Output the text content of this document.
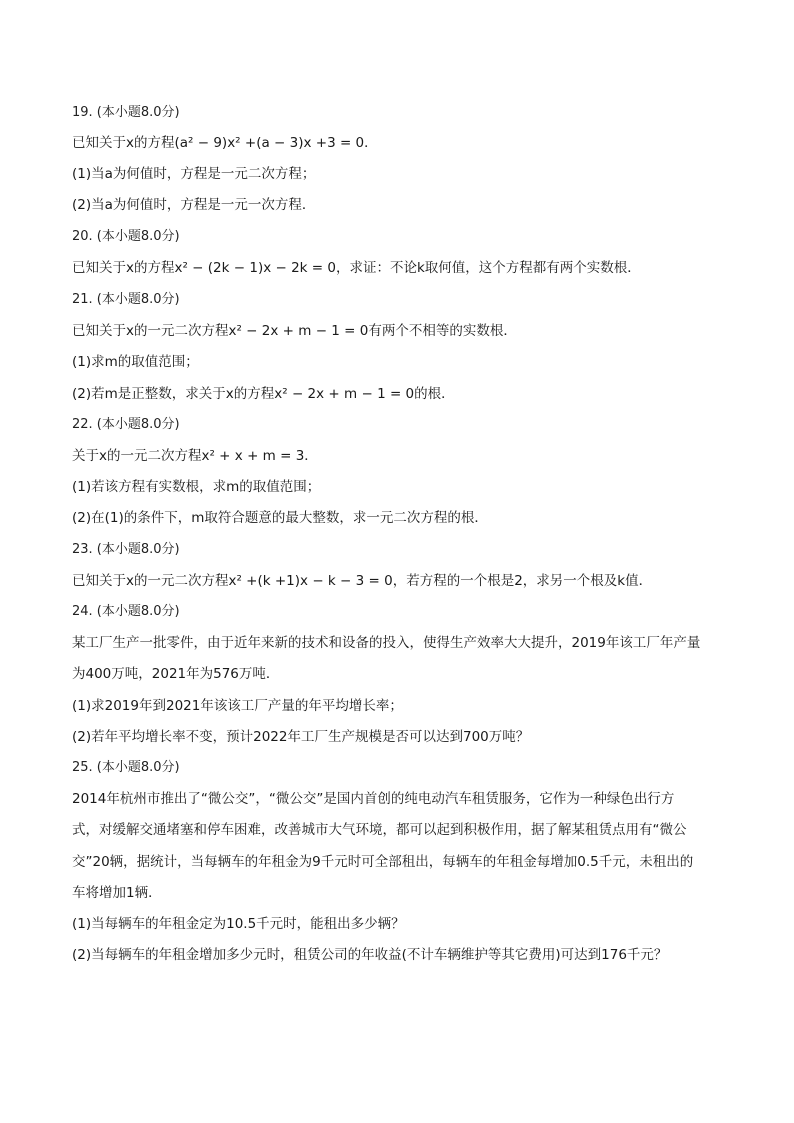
19. (本小题8.0分)
已知关于x的方程(a² − 9)x² +(a − 3)x +3 = 0．
(1)当a为何值时，方程是一元二次方程；
(2)当a为何值时，方程是一元一次方程．
20. (本小题8.0分)
已知关于x的方程x² − (2k − 1)x − 2k = 0，求证：不论k取何值，这个方程都有两个实数根．
21. (本小题8.0分)
已知关于x的一元二次方程x² − 2x + m − 1 = 0有两个不相等的实数根．
(1)求m的取值范围；
(2)若m是正整数，求关于x的方程x² − 2x + m − 1 = 0的根．
22. (本小题8.0分)
关于x的一元二次方程x² + x + m = 3．
(1)若该方程有实数根，求m的取值范围；
(2)在(1)的条件下，m取符合题意的最大整数，求一元二次方程的根．
23. (本小题8.0分)
已知关于x的一元二次方程x² +(k +1)x − k − 3 = 0，若方程的一个根是2，求另一个根及k值．
24. (本小题8.0分)
某工厂生产一批零件，由于近年来新的技术和设备的投入，使得生产效率大大提升，2019年该工厂年产量
为400万吨，2021年为576万吨．
(1)求2019年到2021年该该工厂产量的年平均增长率；
(2)若年平均增长率不变，预计2022年工厂生产规模是否可以达到700万吨？
25. (本小题8.0分)
2014年杭州市推出了“微公交”，“微公交”是国内首创的纯电动汽车租赁服务，它作为一种绿色出行方
式，对缓解交通堵塞和停车困难，改善城市大气环境，都可以起到积极作用，据了解某租赁点用有“微公
交”20辆，据统计，当每辆车的年租金为9千元时可全部租出，每辆车的年租金每增加0.5千元，未租出的
车将增加1辆．
(1)当每辆车的年租金定为10.5千元时，能租出多少辆？
(2)当每辆车的年租金增加多少元时，租赁公司的年收益(不计车辆维护等其它费用)可达到176千元？
